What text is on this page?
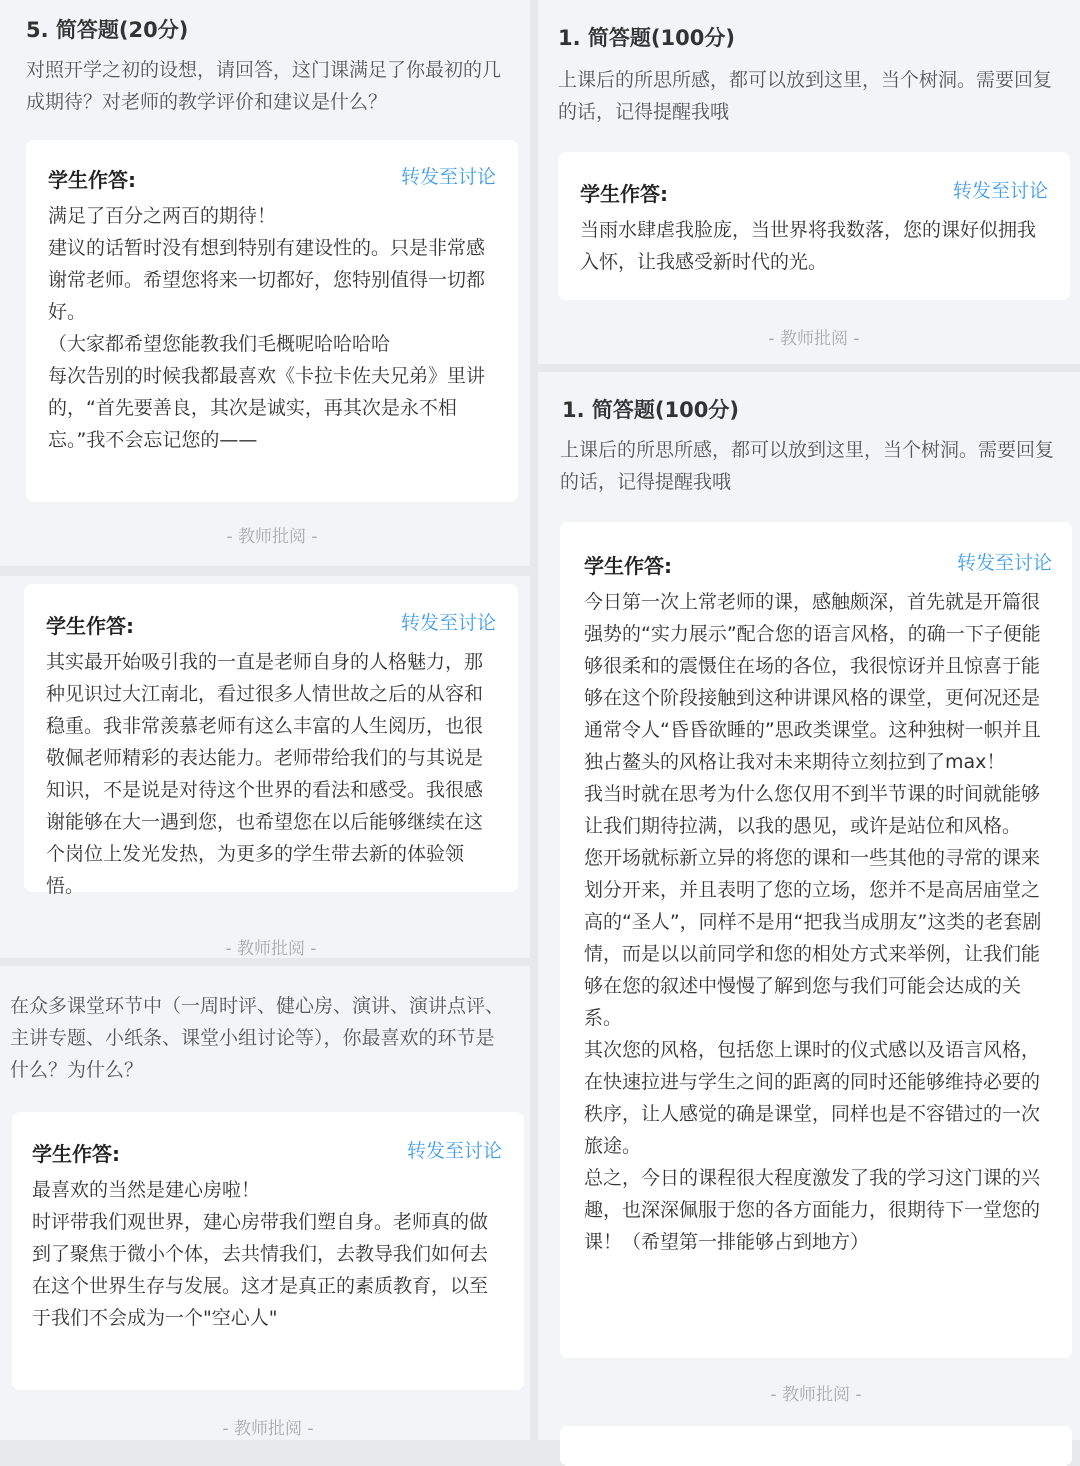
5. 简答题(20分)
对照开学之初的设想，请回答，这门课满足了你最初的几成期待？对老师的教学评价和建议是什么？
学生作答:	转发至讨论

满足了百分之两百的期待！

建议的话暂时没有想到特别有建设性的。只是非常感谢常老师。希望您将来一切都好，您特别值得一切都好。

（大家都希望您能教我们毛概呢哈哈哈哈

每次告别的时候我都最喜欢《卡拉卡佐夫兄弟》里讲的，“首先要善良，其次是诚实，再其次是永不相忘。”我不会忘记您的——

- 教师批阅 -
学生作答:	转发至讨论

其实最开始吸引我的一直是老师自身的人格魅力，那种见识过大江南北，看过很多人情世故之后的从容和稳重。我非常羡慕老师有这么丰富的人生阅历，也很敬佩老师精彩的表达能力。老师带给我们的与其说是知识，不是说是对待这个世界的看法和感受。我很感谢能够在大一遇到您，也希望您在以后能够继续在这个岗位上发光发热，为更多的学生带去新的体验领悟。

- 教师批阅 -
在众多课堂环节中（一周时评、健心房、演讲、演讲点评、主讲专题、小纸条、课堂小组讨论等），你最喜欢的环节是什么？为什么？
学生作答:	转发至讨论

最喜欢的当然是建心房啦！

时评带我们观世界，建心房带我们塑自身。老师真的做到了聚焦于微小个体，去共情我们，去教导我们如何去在这个世界生存与发展。这才是真正的素质教育，以至于我们不会成为一个"空心人"

- 教师批阅 -
1. 简答题(100分)
上课后的所思所感，都可以放到这里，当个树洞。需要回复的话，记得提醒我哦
学生作答:	转发至讨论

当雨水肆虐我脸庞，当世界将我数落，您的课好似拥我入怀，让我感受新时代的光。

- 教师批阅 -
1. 简答题(100分)
上课后的所思所感，都可以放到这里，当个树洞。需要回复的话，记得提醒我哦
学生作答:	转发至讨论

今日第一次上常老师的课，感触颇深，首先就是开篇很强势的“实力展示”配合您的语言风格，的确一下子便能够很柔和的震慑住在场的各位，我很惊讶并且惊喜于能够在这个阶段接触到这种讲课风格的课堂，更何况还是通常令人“昏昏欲睡的”思政类课堂。这种独树一帜并且独占鳌头的风格让我对未来期待立刻拉到了max！

我当时就在思考为什么您仅用不到半节课的时间就能够让我们期待拉满，以我的愚见，或许是站位和风格。

您开场就标新立异的将您的课和一些其他的寻常的课来划分开来，并且表明了您的立场，您并不是高居庙堂之高的“圣人”，同样不是用“把我当成朋友”这类的老套剧情，而是以以前同学和您的相处方式来举例，让我们能够在您的叙述中慢慢了解到您与我们可能会达成的关系。

其次您的风格，包括您上课时的仪式感以及语言风格，在快速拉进与学生之间的距离的同时还能够维持必要的秩序，让人感觉的确是课堂，同样也是不容错过的一次旅途。

总之，今日的课程很大程度激发了我的学习这门课的兴趣，也深深佩服于您的各方面能力，很期待下一堂您的课！（希望第一排能够占到地方）

- 教师批阅 -
